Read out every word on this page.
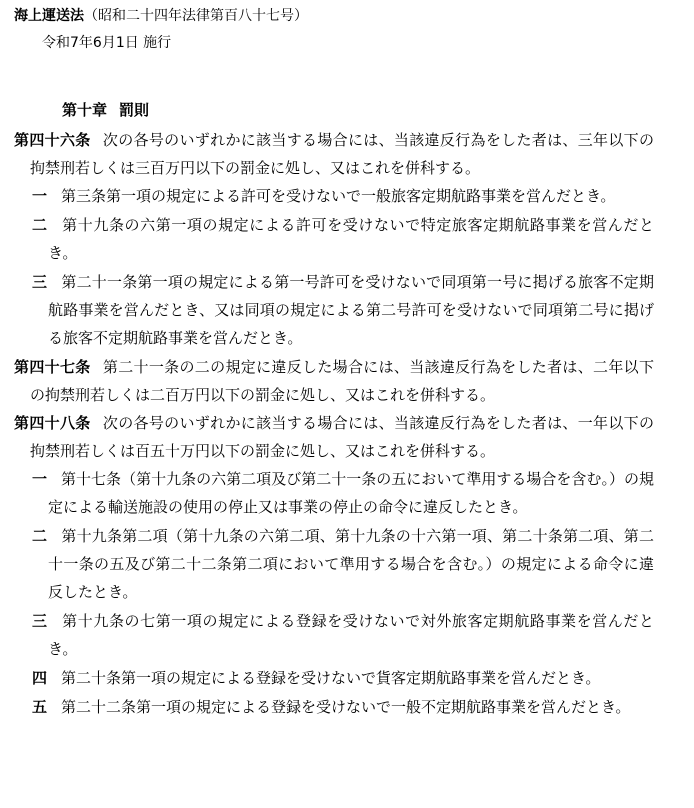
海上運送法（昭和二十四年法律第百八十七号）
令和7年6月1日 施行
第十章 罰則

第四十六条 次の各号のいずれかに該当する場合には、当該違反行為をした者は、三年以下の拘禁刑若しくは三百万円以下の罰金に処し、又はこれを併科する。

一 第三条第一項の規定による許可を受けないで一般旅客定期航路事業を営んだとき。

二 第十九条の六第一項の規定による許可を受けないで特定旅客定期航路事業を営んだとき。

三 第二十一条第一項の規定による第一号許可を受けないで同項第一号に掲げる旅客不定期航路事業を営んだとき、又は同項の規定による第二号許可を受けないで同項第二号に掲げる旅客不定期航路事業を営んだとき。

第四十七条 第二十一条の二の規定に違反した場合には、当該違反行為をした者は、二年以下の拘禁刑若しくは二百万円以下の罰金に処し、又はこれを併科する。

第四十八条 次の各号のいずれかに該当する場合には、当該違反行為をした者は、一年以下の拘禁刑若しくは百五十万円以下の罰金に処し、又はこれを併科する。

一 第十七条（第十九条の六第二項及び第二十一条の五において準用する場合を含む。）の規定による輸送施設の使用の停止又は事業の停止の命令に違反したとき。

二 第十九条第二項（第十九条の六第二項、第十九条の十六第一項、第二十条第二項、第二十一条の五及び第二十二条第二項において準用する場合を含む。）の規定による命令に違反したとき。

三 第十九条の七第一項の規定による登録を受けないで対外旅客定期航路事業を営んだとき。

四 第二十条第一項の規定による登録を受けないで貨客定期航路事業を営んだとき。

五 第二十二条第一項の規定による登録を受けないで一般不定期航路事業を営んだとき。
